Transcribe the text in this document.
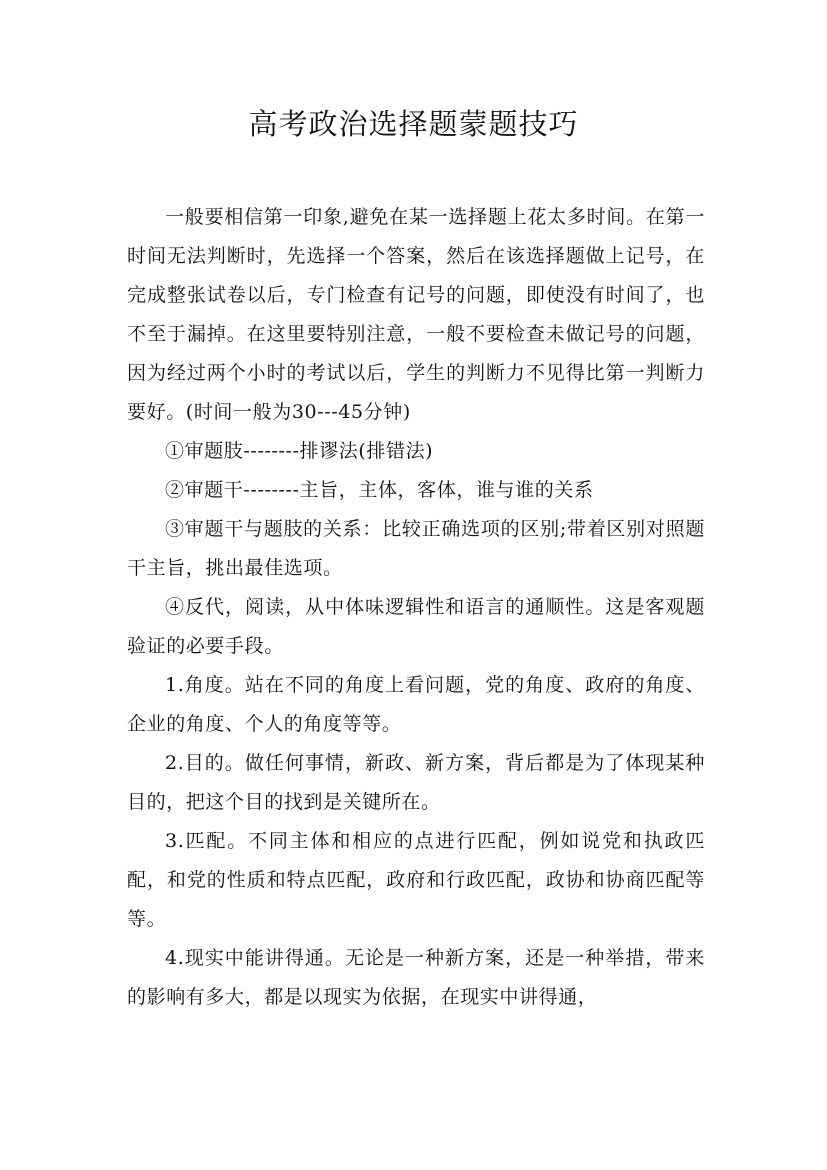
高考政治选择题蒙题技巧

一般要相信第一印象,避免在某一选择题上花太多时间。在第一时间无法判断时，先选择一个答案，然后在该选择题做上记号，在完成整张试卷以后，专门检查有记号的问题，即使没有时间了，也不至于漏掉。在这里要特别注意，一般不要检查未做记号的问题，因为经过两个小时的考试以后，学生的判断力不见得比第一判断力要好。(时间一般为30---45分钟)

①审题肢--------排谬法(排错法)

②审题干--------主旨，主体，客体，谁与谁的关系

③审题干与题肢的关系：比较正确选项的区别;带着区别对照题干主旨，挑出最佳选项。

④反代，阅读，从中体味逻辑性和语言的通顺性。这是客观题验证的必要手段。

1.角度。站在不同的角度上看问题，党的角度、政府的角度、企业的角度、个人的角度等等。

2.目的。做任何事情，新政、新方案，背后都是为了体现某种目的，把这个目的找到是关键所在。

3.匹配。不同主体和相应的点进行匹配，例如说党和执政匹配，和党的性质和特点匹配，政府和行政匹配，政协和协商匹配等等。

4.现实中能讲得通。无论是一种新方案，还是一种举措，带来的影响有多大，都是以现实为依据，在现实中讲得通，
